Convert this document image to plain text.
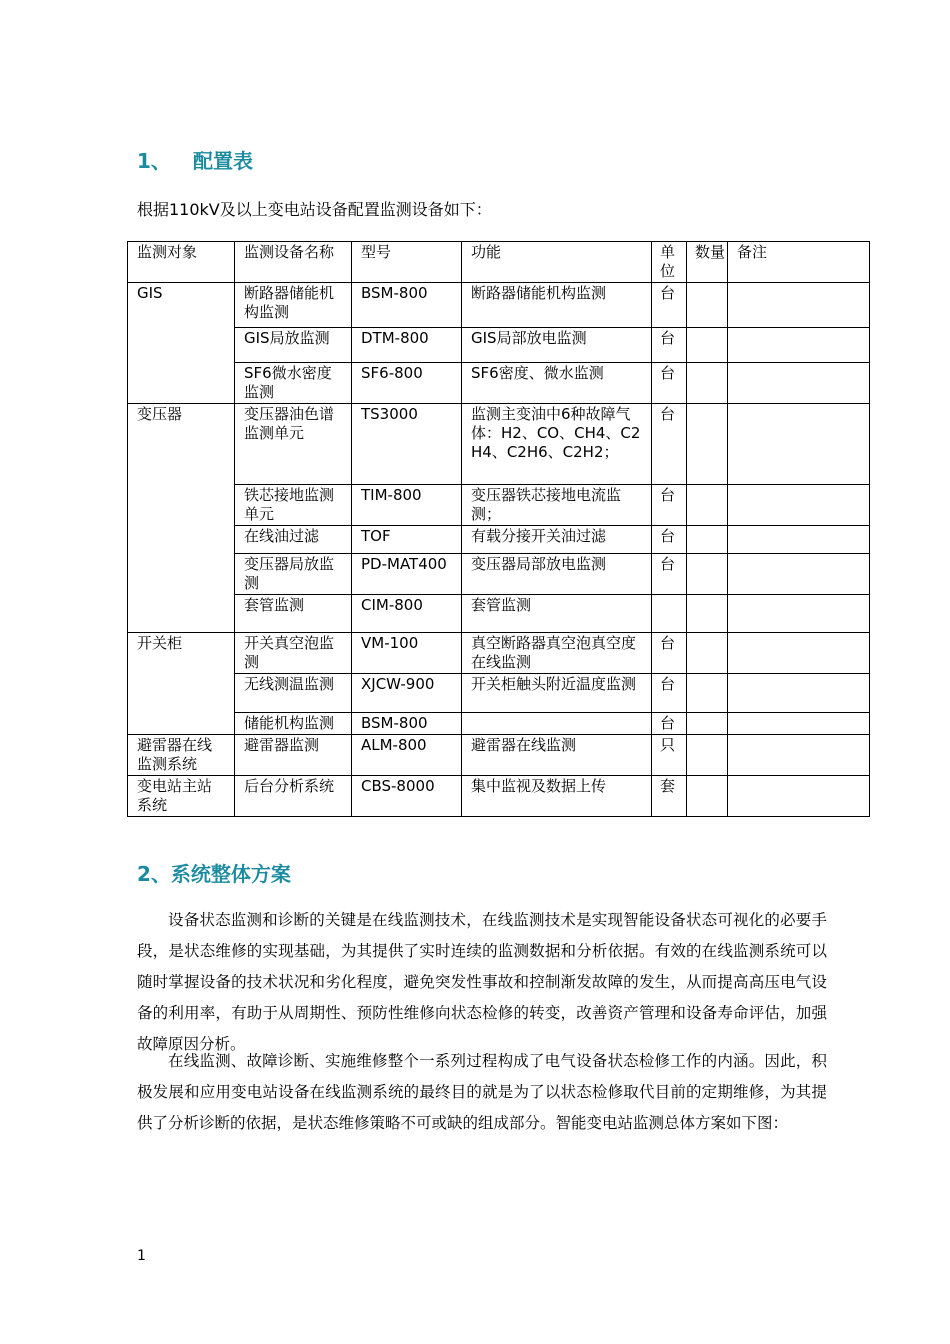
1、 配置表
根据110kV及以上变电站设备配置监测设备如下：
监测对象	监测设备名称	型号	功能	单位	数量	备注
GIS	断路器储能机构监测	BSM-800	断路器储能机构监测	台		
	GIS局放监测	DTM-800	GIS局部放电监测	台		
	SF6微水密度监测	SF6-800	SF6密度、微水监测	台		
变压器	变压器油色谱监测单元	TS3000	监测主变油中6种故障气体：H2、CO、CH4、C2H4、C2H6、C2H2；	台		
	铁芯接地监测单元	TIM-800	变压器铁芯接地电流监测；	台		
	在线油过滤	TOF	有载分接开关油过滤	台		
	变压器局放监测	PD-MAT400	变压器局部放电监测	台		
	套管监测	CIM-800	套管监测			
开关柜	开关真空泡监测	VM-100	真空断路器真空泡真空度在线监测	台		
	无线测温监测	XJCW-900	开关柜触头附近温度监测	台		
	储能机构监测	BSM-800		台		
避雷器在线监测系统	避雷器监测	ALM-800	避雷器在线监测	只		
变电站主站系统	后台分析系统	CBS-8000	集中监视及数据上传	套		
2、系统整体方案

设备状态监测和诊断的关键是在线监测技术，在线监测技术是实现智能设备状态可视化的必要手段，是状态维修的实现基础，为其提供了实时连续的监测数据和分析依据。有效的在线监测系统可以随时掌握设备的技术状况和劣化程度，避免突发性事故和控制渐发故障的发生，从而提高高压电气设备的利用率，有助于从周期性、预防性维修向状态检修的转变，改善资产管理和设备寿命评估，加强故障原因分析。

在线监测、故障诊断、实施维修整个一系列过程构成了电气设备状态检修工作的内涵。因此，积极发展和应用变电站设备在线监测系统的最终目的就是为了以状态检修取代目前的定期维修，为其提供了分析诊断的依据，是状态维修策略不可或缺的组成部分。智能变电站监测总体方案如下图：

1
